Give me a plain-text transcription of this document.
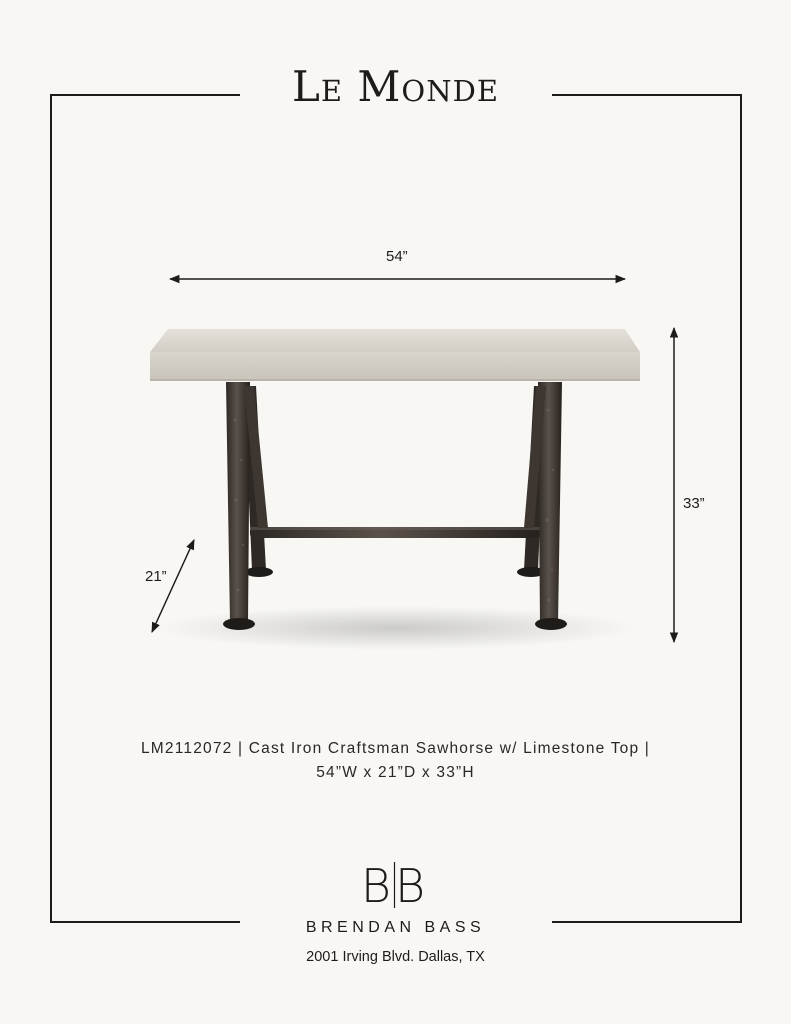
Le Monde
54”
33”
21”
LM2112072 | Cast Iron Craftsman Sawhorse w/ Limestone Top |
54”W x 21”D x 33”H
BB
BRENDAN BASS
2001 Irving Blvd. Dallas, TX
